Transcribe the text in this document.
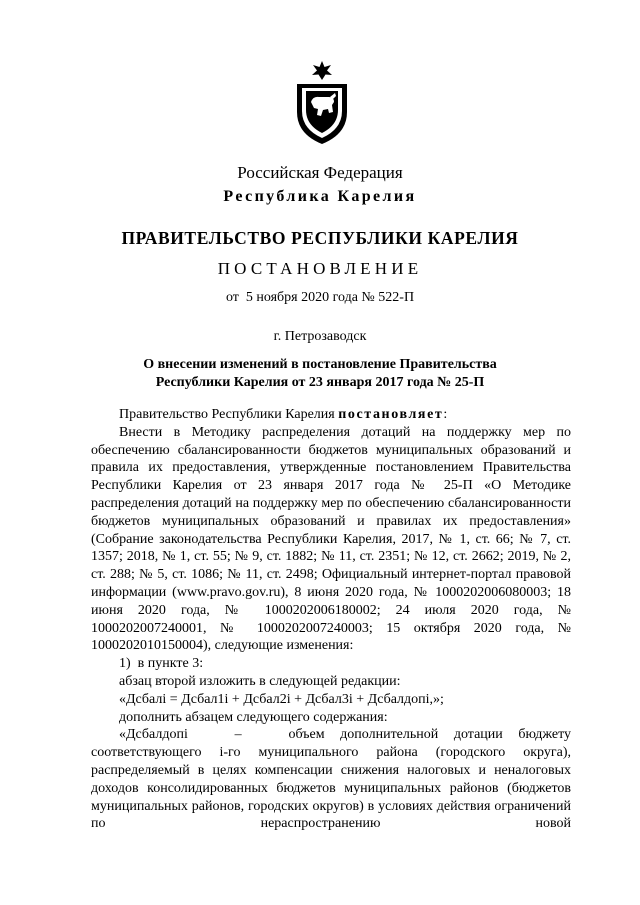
Российская Федерация
Республика Карелия
ПРАВИТЕЛЬСТВО РЕСПУБЛИКИ КАРЕЛИЯ
ПОСТАНОВЛЕНИЕ
от  5 ноября 2020 года № 522-П
г. Петрозаводск
О внесении изменений в постановление Правительства
Республики Карелия от 23 января 2017 года № 25-П

Правительство Республики Карелия постановляет:

Внести в Методику распределения дотаций на поддержку мер по обеспечению сбалансированности бюджетов муниципальных образований и правила их предоставления, утвержденные постановлением Правительства Республики Карелия от 23 января 2017 года № 25-П «О Методике распределения дотаций на поддержку мер по обеспечению сбалансированности бюджетов муниципальных образований и правилах их предоставления» (Собрание законодательства Республики Карелия, 2017, № 1, ст. 66; № 7, ст. 1357; 2018, № 1, ст. 55; № 9, ст. 1882; № 11, ст. 2351; № 12, ст. 2662; 2019, № 2, ст. 288; № 5, ст. 1086; № 11, ст. 2498; Официальный интернет-портал правовой информации (www.pravo.gov.ru), 8 июня 2020 года, № 1000202006080003; 18 июня 2020 года, № 1000202006180002; 24 июля 2020 года, № 1000202007240001, № 1000202007240003; 15 октября 2020 года, № 1000202010150004), следующие изменения:

1)  в пункте 3:

абзац второй изложить в следующей редакции:

«Дсбалi = Дсбал1i + Дсбал2i + Дсбал3i + Дсбалдопi,»;

дополнить абзацем следующего содержания:

«Дсбалдопi   –   объем дополнительной дотации бюджету соответствующего i-го муниципального района (городского округа), распределяемый в целях компенсации снижения налоговых и неналоговых доходов консолидированных бюджетов муниципальных районов (бюджетов муниципальных районов, городских округов) в условиях действия ограничений по нераспространению новой
